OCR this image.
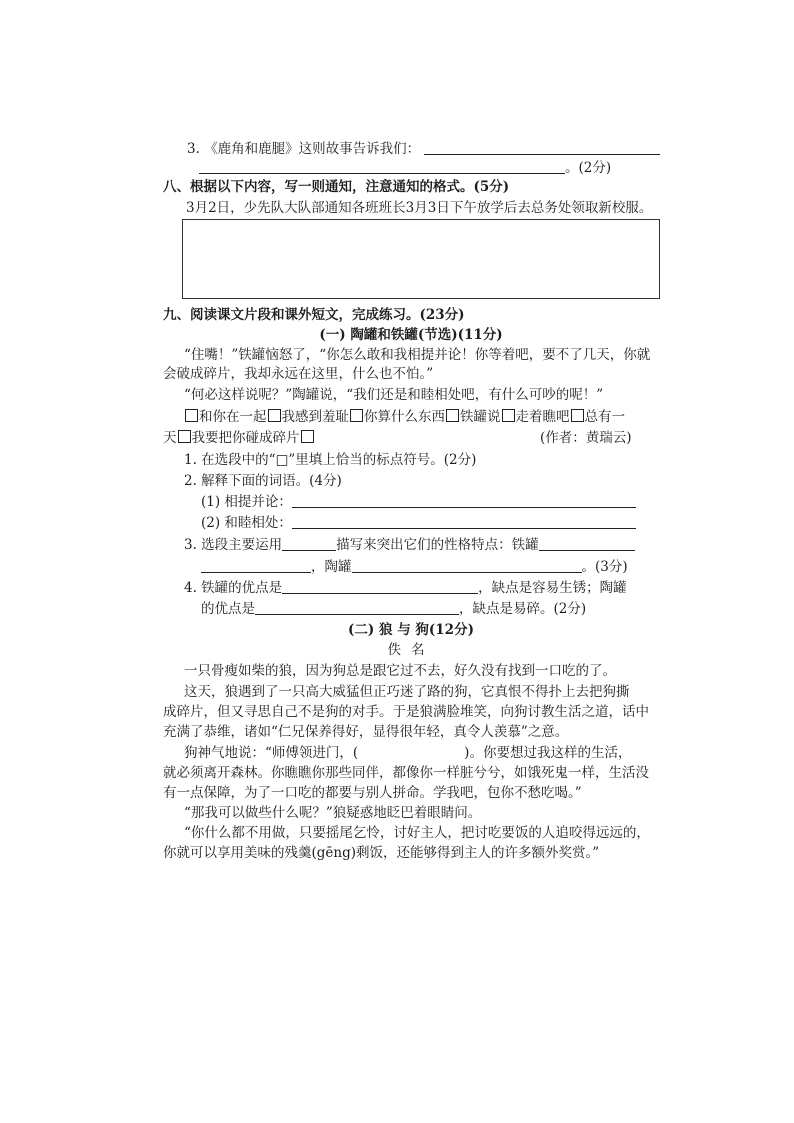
3. 《鹿角和鹿腿》这则故事告诉我们：
。(2分)
八、根据以下内容，写一则通知，注意通知的格式。(5分)
3月2日，少先队大队部通知各班班长3月3日下午放学后去总务处领取新校服。
九、阅读课文片段和课外短文，完成练习。(23分)
(一) 陶罐和铁罐(节选)(11分)
“住嘴！”铁罐恼怒了，“你怎么敢和我相提并论！你等着吧，要不了几天，你就
会破成碎片，我却永远在这里，什么也不怕。”
“何必这样说呢？”陶罐说，“我们还是和睦相处吧，有什么可吵的呢！”
和你在一起 我感到羞耻 你算什么东西 铁罐说 走着瞧吧 总有一
天 我要把你碰成碎片	(作者：黄瑞云)
1. 在选段中的“□”里填上恰当的标点符号。(2分)
2. 解释下面的词语。(4分)
(1) 相提并论：
(2) 和睦相处：
3. 选段主要运用	描写来突出它们的性格特点：铁罐
，陶罐	。(3分)
4. 铁罐的优点是	，缺点是容易生锈；陶罐
的优点是	，缺点是易碎。(2分)
(二) 狼 与 狗(12分)
佚名
一只骨瘦如柴的狼，因为狗总是跟它过不去，好久没有找到一口吃的了。
这天，狼遇到了一只高大威猛但正巧迷了路的狗，它真恨不得扑上去把狗撕
成碎片，但又寻思自己不是狗的对手。于是狼满脸堆笑，向狗讨教生活之道，话中
充满了恭维，诸如“仁兄保养得好，显得很年轻，真令人羡慕”之意。
狗神气地说：“师傅领进门，(	)。你要想过我这样的生活，
就必须离开森林。你瞧瞧你那些同伴，都像你一样脏兮兮，如饿死鬼一样，生活没
有一点保障，为了一口吃的都要与别人拼命。学我吧，包你不愁吃喝。”
“那我可以做些什么呢？”狼疑惑地眨巴着眼睛问。
“你什么都不用做，只要摇尾乞怜，讨好主人，把讨吃要饭的人追咬得远远的，
你就可以享用美味的残羹(gēng)剩饭，还能够得到主人的许多额外奖赏。”
